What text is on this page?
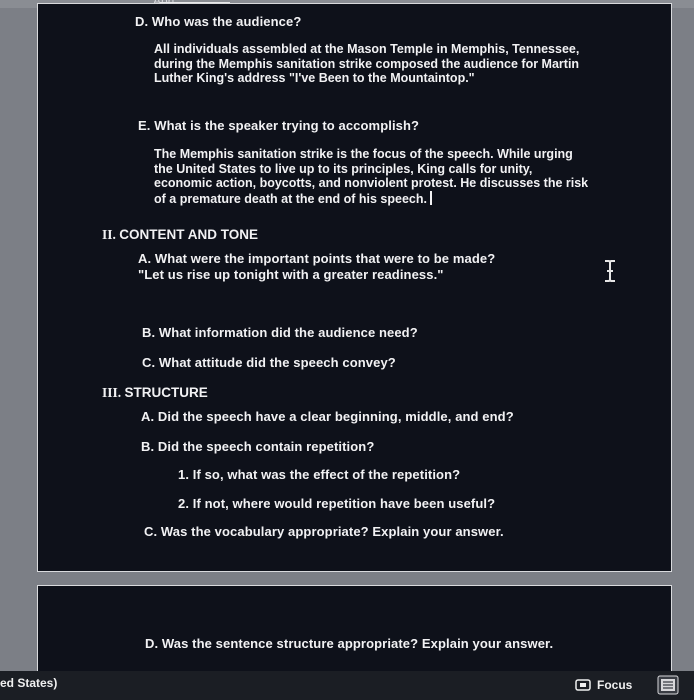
D. Who was the audience?
All individuals assembled at the Mason Temple in Memphis, Tennessee, during the Memphis sanitation strike composed the audience for Martin Luther King's address "I've Been to the Mountaintop."
E. What is the speaker trying to accomplish?
The Memphis sanitation strike is the focus of the speech. While urging the United States to live up to its principles, King calls for unity, economic action, boycotts, and nonviolent protest. He discusses the risk of a premature death at the end of his speech.
II. CONTENT AND TONE
A. What were the important points that were to be made?
"Let us rise up tonight with a greater readiness."
B. What information did the audience need?
C. What attitude did the speech convey?
III. STRUCTURE
A. Did the speech have a clear beginning, middle, and end?
B. Did the speech contain repetition?
1. If so, what was the effect of the repetition?
2. If not, where would repetition have been useful?
C. Was the vocabulary appropriate? Explain your answer.
D. Was the sentence structure appropriate? Explain your answer.
ed States)	Focus
